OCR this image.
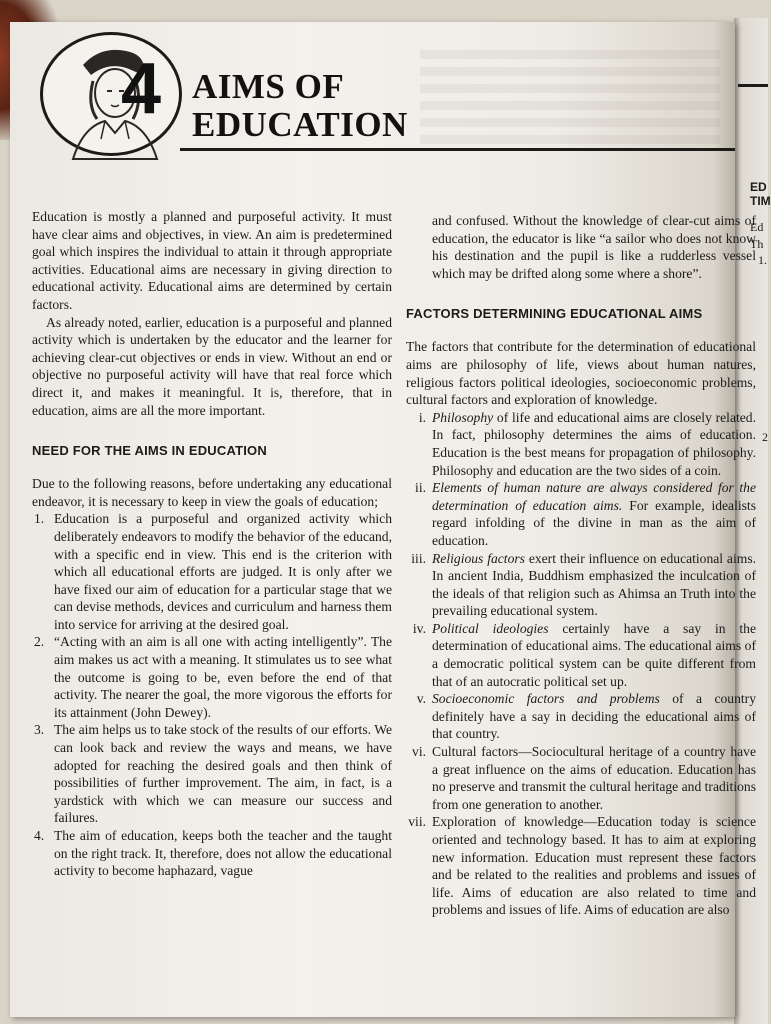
4 AIMS OF
EDUCATION

Education is mostly a planned and purposeful activity. It must have clear aims and objectives, in view. An aim is predetermined goal which inspires the individual to attain it through appropriate activities. Educational aims are necessary in giving direction to educational activity. Educational aims are determined by certain factors.

As already noted, earlier, education is a purposeful and planned activity which is undertaken by the educator and the learner for achieving clear-cut objectives or ends in view. Without an end or objective no purposeful activity will have that real force which direct it, and makes it meaningful. It is, therefore, that in education, aims are all the more important.

NEED FOR THE AIMS IN EDUCATION

Due to the following reasons, before undertaking any educational endeavor, it is necessary to keep in view the goals of education;

1. Education is a purposeful and organized activity which deliberately endeavors to modify the behavior of the educand, with a specific end in view. This end is the criterion with which all educational efforts are judged. It is only after we have fixed our aim of education for a particular stage that we can devise methods, devices and curriculum and harness them into service for arriving at the desired goal.
2. “Acting with an aim is all one with acting intelligently”. The aim makes us act with a meaning. It stimulates us to see what the outcome is going to be, even before the end of that activity. The nearer the goal, the more vigorous the efforts for its attainment (John Dewey).
3. The aim helps us to take stock of the results of our efforts. We can look back and review the ways and means, we have adopted for reaching the desired goals and then think of possibilities of further improvement. The aim, in fact, is a yardstick with which we can measure our success and failures.
4. The aim of education, keeps both the teacher and the taught on the right track. It, therefore, does not allow the educational activity to become haphazard, vague

and confused. Without the knowledge of clear-cut aims of education, the educator is like “a sailor who does not know his destination and the pupil is like a rudderless vessel which may be drifted along some where a shore”.

FACTORS DETERMINING EDUCATIONAL AIMS

The factors that contribute for the determination of educational aims are philosophy of life, views about human natures, religious factors political ideologies, socioeconomic problems, cultural factors and exploration of knowledge.

i. Philosophy of life and educational aims are closely related. In fact, philosophy determines the aims of education. Education is the best means for propagation of philosophy. Philosophy and education are the two sides of a coin.
ii. Elements of human nature are always considered for the determination of education aims. For example, idealists regard infolding of the divine in man as the aim of education.
iii. Religious factors exert their influence on educational aims. In ancient India, Buddhism emphasized the inculcation of the ideals of that religion such as Ahimsa an Truth into the prevailing educational system.
iv. Political ideologies certainly have a say in the determination of educational aims. The educational aims of a democratic political system can be quite different from that of an autocratic political set up.
v. Socioeconomic factors and problems of a country definitely have a say in deciding the educational aims of that country.
vi. Cultural factors—Sociocultural heritage of a country have a great influence on the aims of education. Education has no preserve and transmit the cultural heritage and traditions from one generation to another.
vii. Exploration of knowledge—Education today is science oriented and technology based. It has to aim at exploring new information. Education must represent these factors and be related to the realities and problems and issues of life. Aims of education are also related to time and problems and issues of life. Aims of education are also
ED
TIM
Ed
Th
1.
2
